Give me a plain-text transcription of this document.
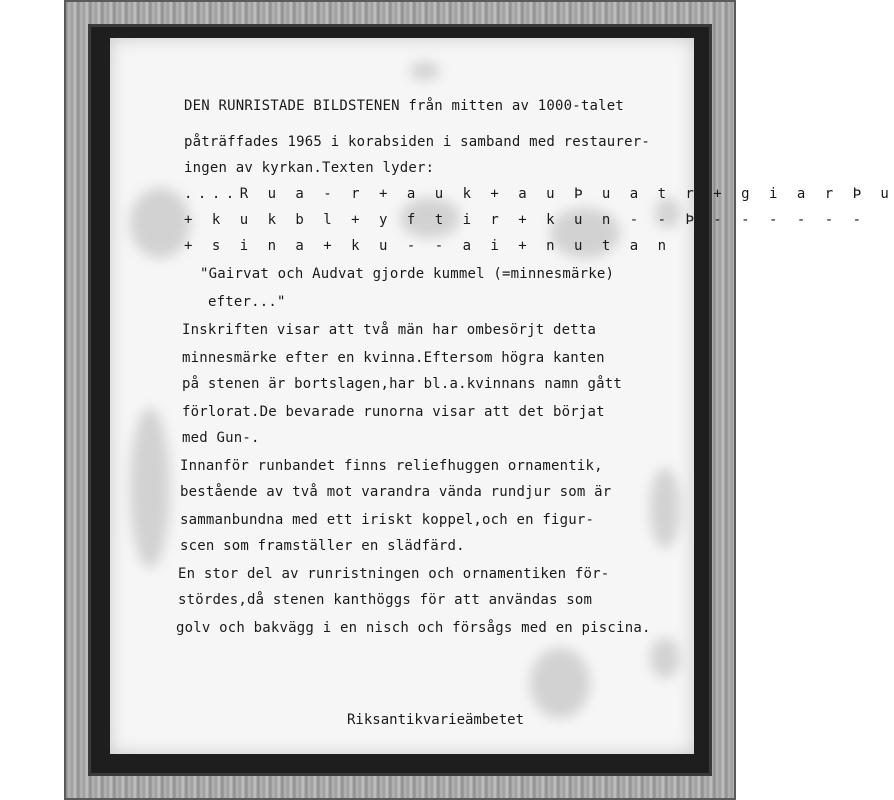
DEN RUNRISTADE BILDSTENEN från mitten av 1000-talet
påträffades 1965 i korabsiden i samband med restaurer-
ingen av kyrkan.Texten lyder:
....R u a - r + a u k + a u Þ u a t r + g i a r Þ u
+ k u k b l + y f t i r + k u n - - Þ - - - - - -
+ s i n a + k u - - a i + n u t a n
"Gairvat och Audvat gjorde kummel (=minnesmärke)
efter..."
Inskriften visar att två män har ombesörjt detta
minnesmärke efter en kvinna.Eftersom högra kanten
på stenen är bortslagen,har bl.a.kvinnans namn gått
förlorat.De bevarade runorna visar att det börjat
med Gun-.
Innanför runbandet finns reliefhuggen ornamentik,
bestående av två mot varandra vända rundjur som är
sammanbundna med ett iriskt koppel,och en figur-
scen som framställer en slädfärd.
En stor del av runristningen och ornamentiken för-
stördes,då stenen kanthöggs för att användas som
golv och bakvägg i en nisch och försågs med en piscina.
Riksantikvarieämbetet
